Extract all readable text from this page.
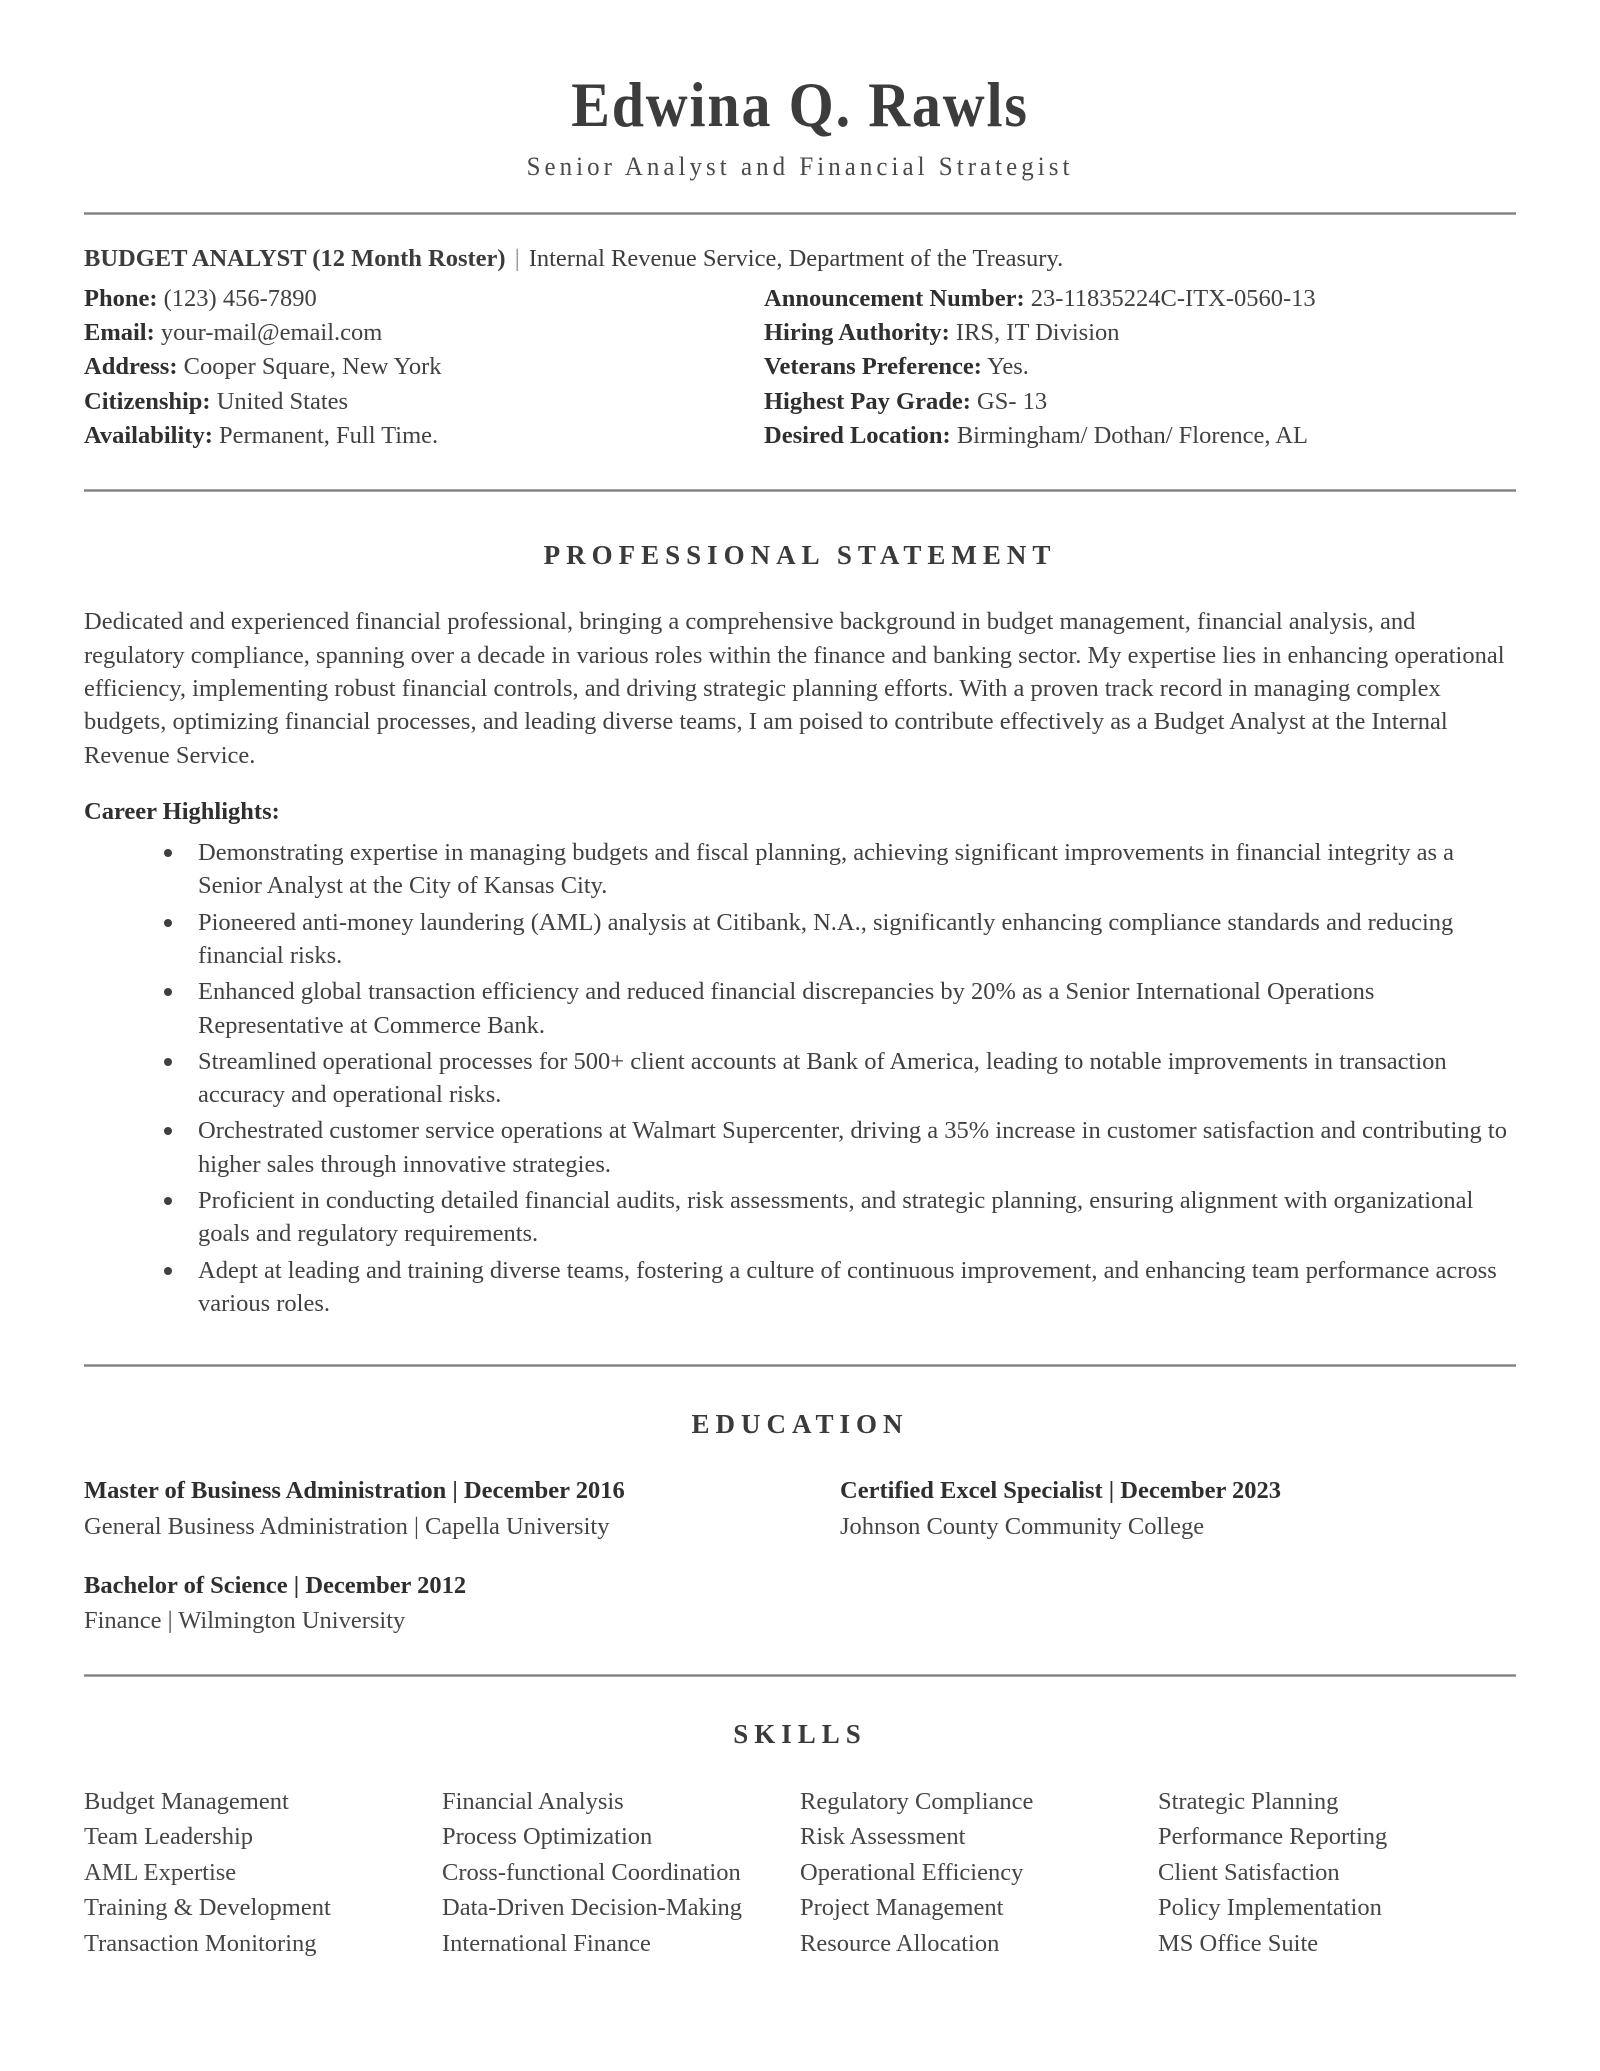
Edwina Q. Rawls
Senior Analyst and Financial Strategist
BUDGET ANALYST (12 Month Roster) | Internal Revenue Service, Department of the Treasury.
Phone: (123) 456-7890
Email: your-mail@email.com
Address: Cooper Square, New York
Citizenship: United States
Availability: Permanent, Full Time.
Announcement Number: 23-11835224C-ITX-0560-13
Hiring Authority: IRS, IT Division
Veterans Preference: Yes.
Highest Pay Grade: GS- 13
Desired Location: Birmingham/ Dothan/ Florence, AL
PROFESSIONAL STATEMENT
Dedicated and experienced financial professional, bringing a comprehensive background in budget management, financial analysis, and regulatory compliance, spanning over a decade in various roles within the finance and banking sector. My expertise lies in enhancing operational efficiency, implementing robust financial controls, and driving strategic planning efforts. With a proven track record in managing complex budgets, optimizing financial processes, and leading diverse teams, I am poised to contribute effectively as a Budget Analyst at the Internal Revenue Service.
Career Highlights:
Demonstrating expertise in managing budgets and fiscal planning, achieving significant improvements in financial integrity as a Senior Analyst at the City of Kansas City.
Pioneered anti-money laundering (AML) analysis at Citibank, N.A., significantly enhancing compliance standards and reducing financial risks.
Enhanced global transaction efficiency and reduced financial discrepancies by 20% as a Senior International Operations Representative at Commerce Bank.
Streamlined operational processes for 500+ client accounts at Bank of America, leading to notable improvements in transaction accuracy and operational risks.
Orchestrated customer service operations at Walmart Supercenter, driving a 35% increase in customer satisfaction and contributing to higher sales through innovative strategies.
Proficient in conducting detailed financial audits, risk assessments, and strategic planning, ensuring alignment with organizational goals and regulatory requirements.
Adept at leading and training diverse teams, fostering a culture of continuous improvement, and enhancing team performance across various roles.
EDUCATION
Master of Business Administration | December 2016
General Business Administration | Capella University
Certified Excel Specialist | December 2023
Johnson County Community College
Bachelor of Science | December 2012
Finance | Wilmington University
SKILLS
Budget Management
Team Leadership
AML Expertise
Training & Development
Transaction Monitoring
Financial Analysis
Process Optimization
Cross-functional Coordination
Data-Driven Decision-Making
International Finance
Regulatory Compliance
Risk Assessment
Operational Efficiency
Project Management
Resource Allocation
Strategic Planning
Performance Reporting
Client Satisfaction
Policy Implementation
MS Office Suite
